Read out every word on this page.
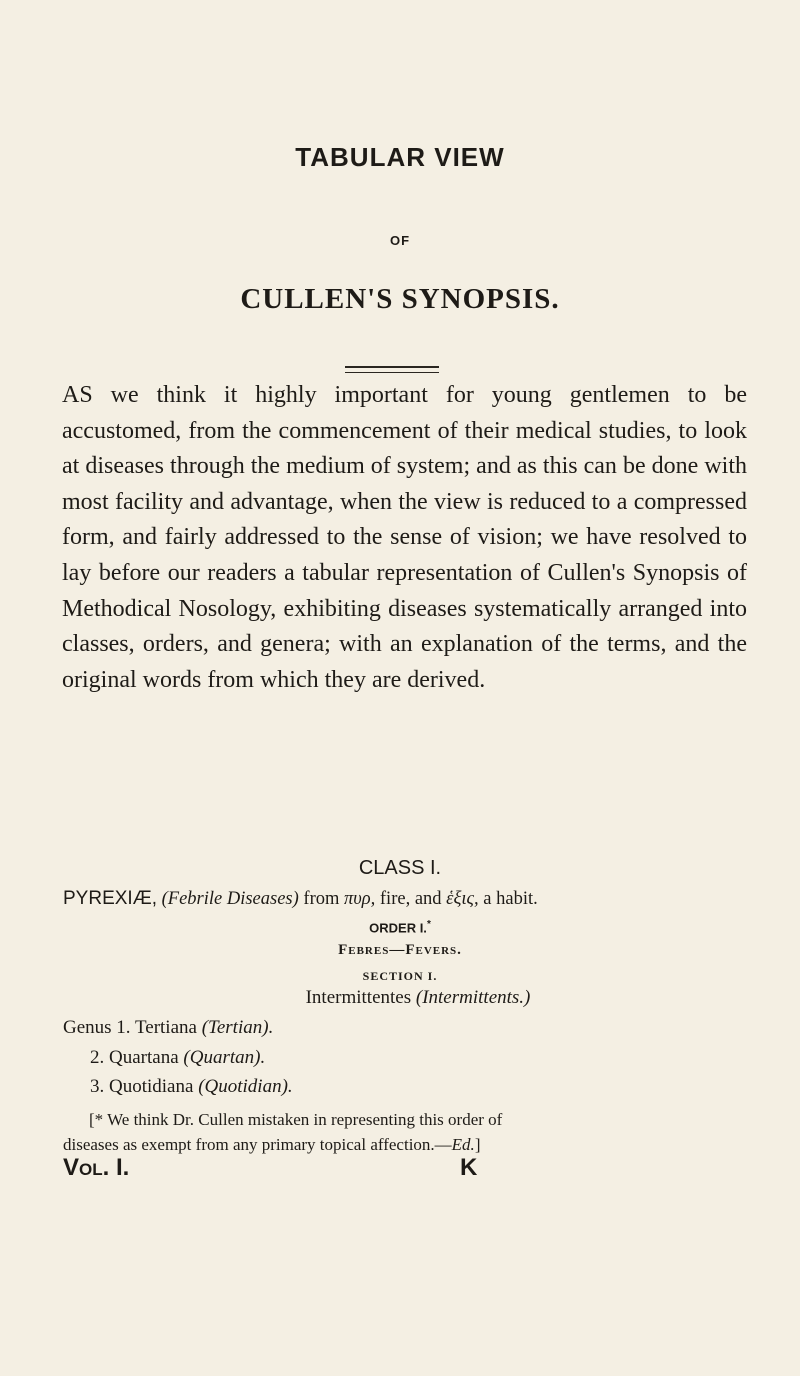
TABULAR VIEW
OF
CULLEN'S SYNOPSIS.

AS we think it highly important for young gentlemen to be accustomed, from the commencement of their medical studies, to look at diseases through the medium of system; and as this can be done with most facility and advantage, when the view is reduced to a compressed form, and fairly addressed to the sense of vision; we have resolved to lay before our readers a tabular representation of Cullen's Synopsis of Methodical Nosology, exhibiting diseases systematically arranged into classes, orders, and genera; with an explanation of the terms, and the original words from which they are derived.

CLASS I.
PYREXIÆ, (Febrile Diseases) from πυρ, fire, and ἑξις, a habit.
ORDER I.*
Febres—Fevers.
SECTION I.
Intermittentes (Intermittents.)
Genus 1. Tertiana (Tertian).
2. Quartana (Quartan).
3. Quotidiana (Quotidian).
[* We think Dr. Cullen mistaken in representing this order of
diseases as exempt from any primary topical affection.—Ed.]
Vol. I.	K
